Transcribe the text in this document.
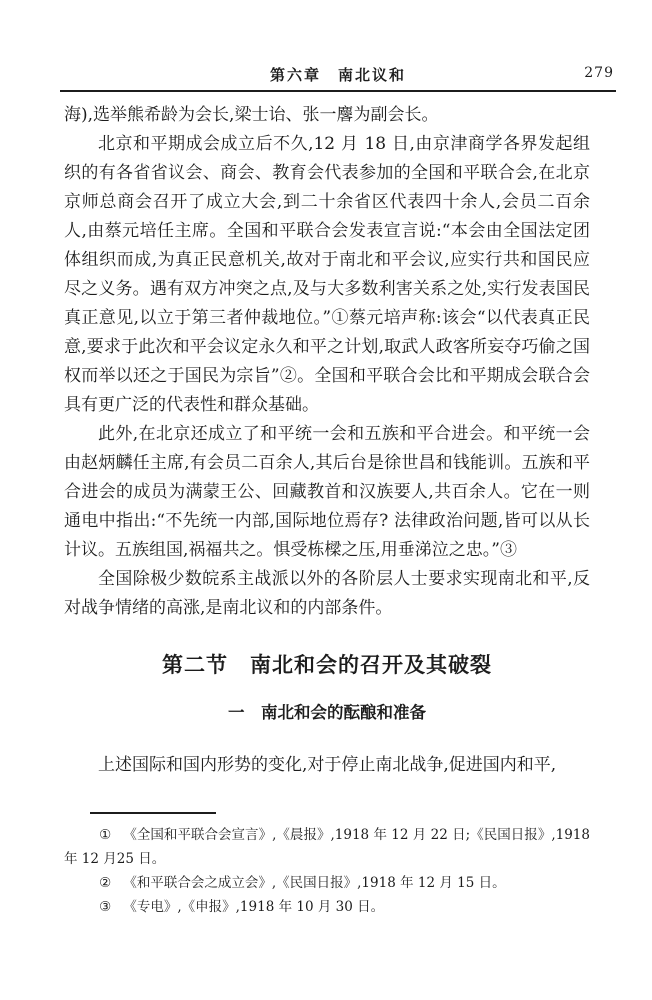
第六章　南北议和	279

海),选举熊希龄为会长,梁士诒、张一麐为副会长。

北京和平期成会成立后不久,12 月 18 日,由京津商学各界发起组织的有各省省议会、商会、教育会代表参加的全国和平联合会,在北京京师总商会召开了成立大会,到二十余省区代表四十余人,会员二百余人,由蔡元培任主席。全国和平联合会发表宣言说:“本会由全国法定团体组织而成,为真正民意机关,故对于南北和平会议,应实行共和国民应尽之义务。遇有双方冲突之点,及与大多数利害关系之处,实行发表国民真正意见,以立于第三者仲裁地位。”①蔡元培声称:该会“以代表真正民意,要求于此次和平会议定永久和平之计划,取武人政客所妄夺巧偷之国权而举以还之于国民为宗旨”②。全国和平联合会比和平期成会联合会具有更广泛的代表性和群众基础。

此外,在北京还成立了和平统一会和五族和平合进会。和平统一会由赵炳麟任主席,有会员二百余人,其后台是徐世昌和钱能训。五族和平合进会的成员为满蒙王公、回藏教首和汉族要人,共百余人。它在一则通电中指出:“不先统一内部,国际地位焉存? 法律政治问题,皆可以从长计议。五族组国,祸福共之。惧受栋樑之压,用垂涕泣之忠。”③

全国除极少数皖系主战派以外的各阶层人士要求实现南北和平,反对战争情绪的高涨,是南北议和的内部条件。

第二节　南北和会的召开及其破裂
一　南北和会的酝酿和准备

上述国际和国内形势的变化,对于停止南北战争,促进国内和平,

① 《全国和平联合会宣言》,《晨报》,1918 年 12 月 22 日;《民国日报》,1918 年 12 月25 日。

② 《和平联合会之成立会》,《民国日报》,1918 年 12 月 15 日。

③ 《专电》,《申报》,1918 年 10 月 30 日。
